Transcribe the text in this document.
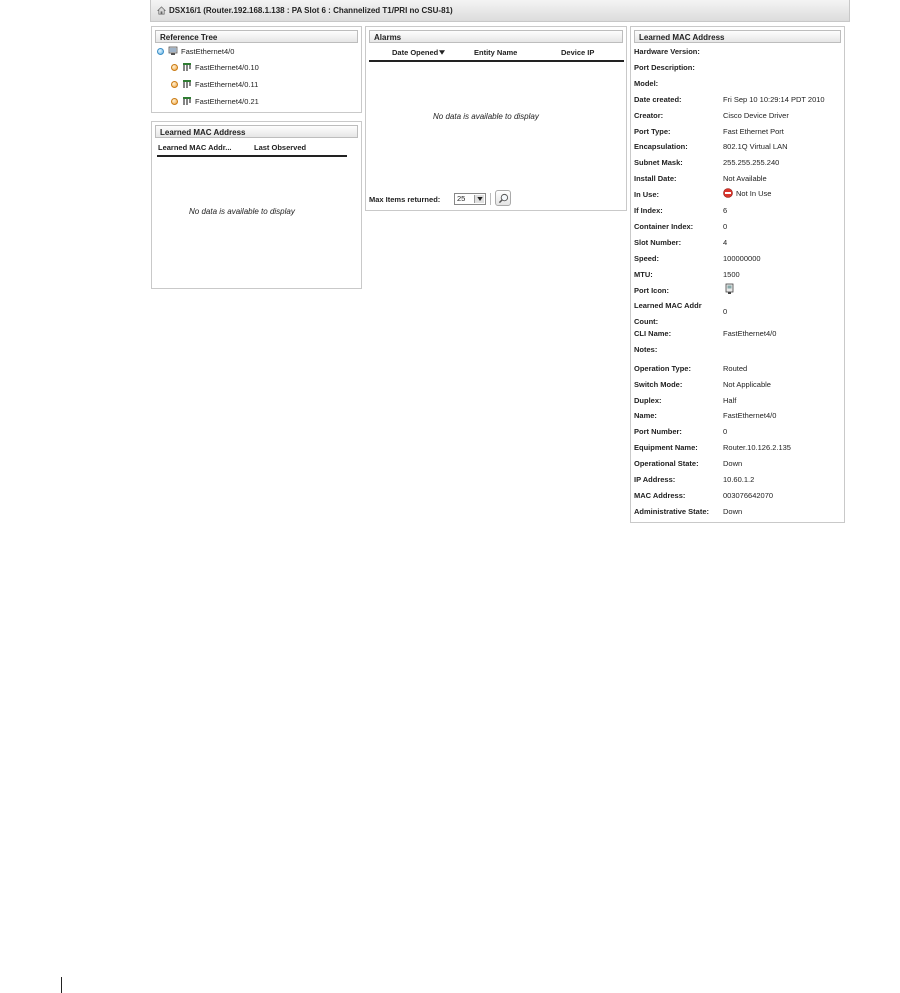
DSX16/1 (Router.192.168.1.138 : PA Slot 6 : Channelized T1/PRI no CSU-81)
Reference Tree
FastEthernet4/0
FastEthernet4/0.10
FastEthernet4/0.11
FastEthernet4/0.21
Learned MAC Address
Learned MAC Addr...	Last Observed
No data is available to display
Alarms
Date Opened	Entity Name	Device IP
No data is available to display
Max Items returned:	25
Learned MAC Address
Hardware Version:
Port Description:
Model:
Date created:	Fri Sep 10 10:29:14 PDT 2010
Creator:	Cisco Device Driver
Port Type:	Fast Ethernet Port
Encapsulation:	802.1Q Virtual LAN
Subnet Mask:	255.255.255.240
Install Date:	Not Available
In Use:	Not In Use
If Index:	6
Container Index:	0
Slot Number:	4
Speed:	100000000
MTU:	1500
Port Icon:
Learned MAC Addr Count:
0
CLI Name:	FastEthernet4/0
Notes:
Operation Type:	Routed
Switch Mode:	Not Applicable
Duplex:	Half
Name:	FastEthernet4/0
Port Number:	0
Equipment Name:	Router.10.126.2.135
Operational State:	Down
IP Address:	10.60.1.2
MAC Address:	003076642070
Administrative State: Down
